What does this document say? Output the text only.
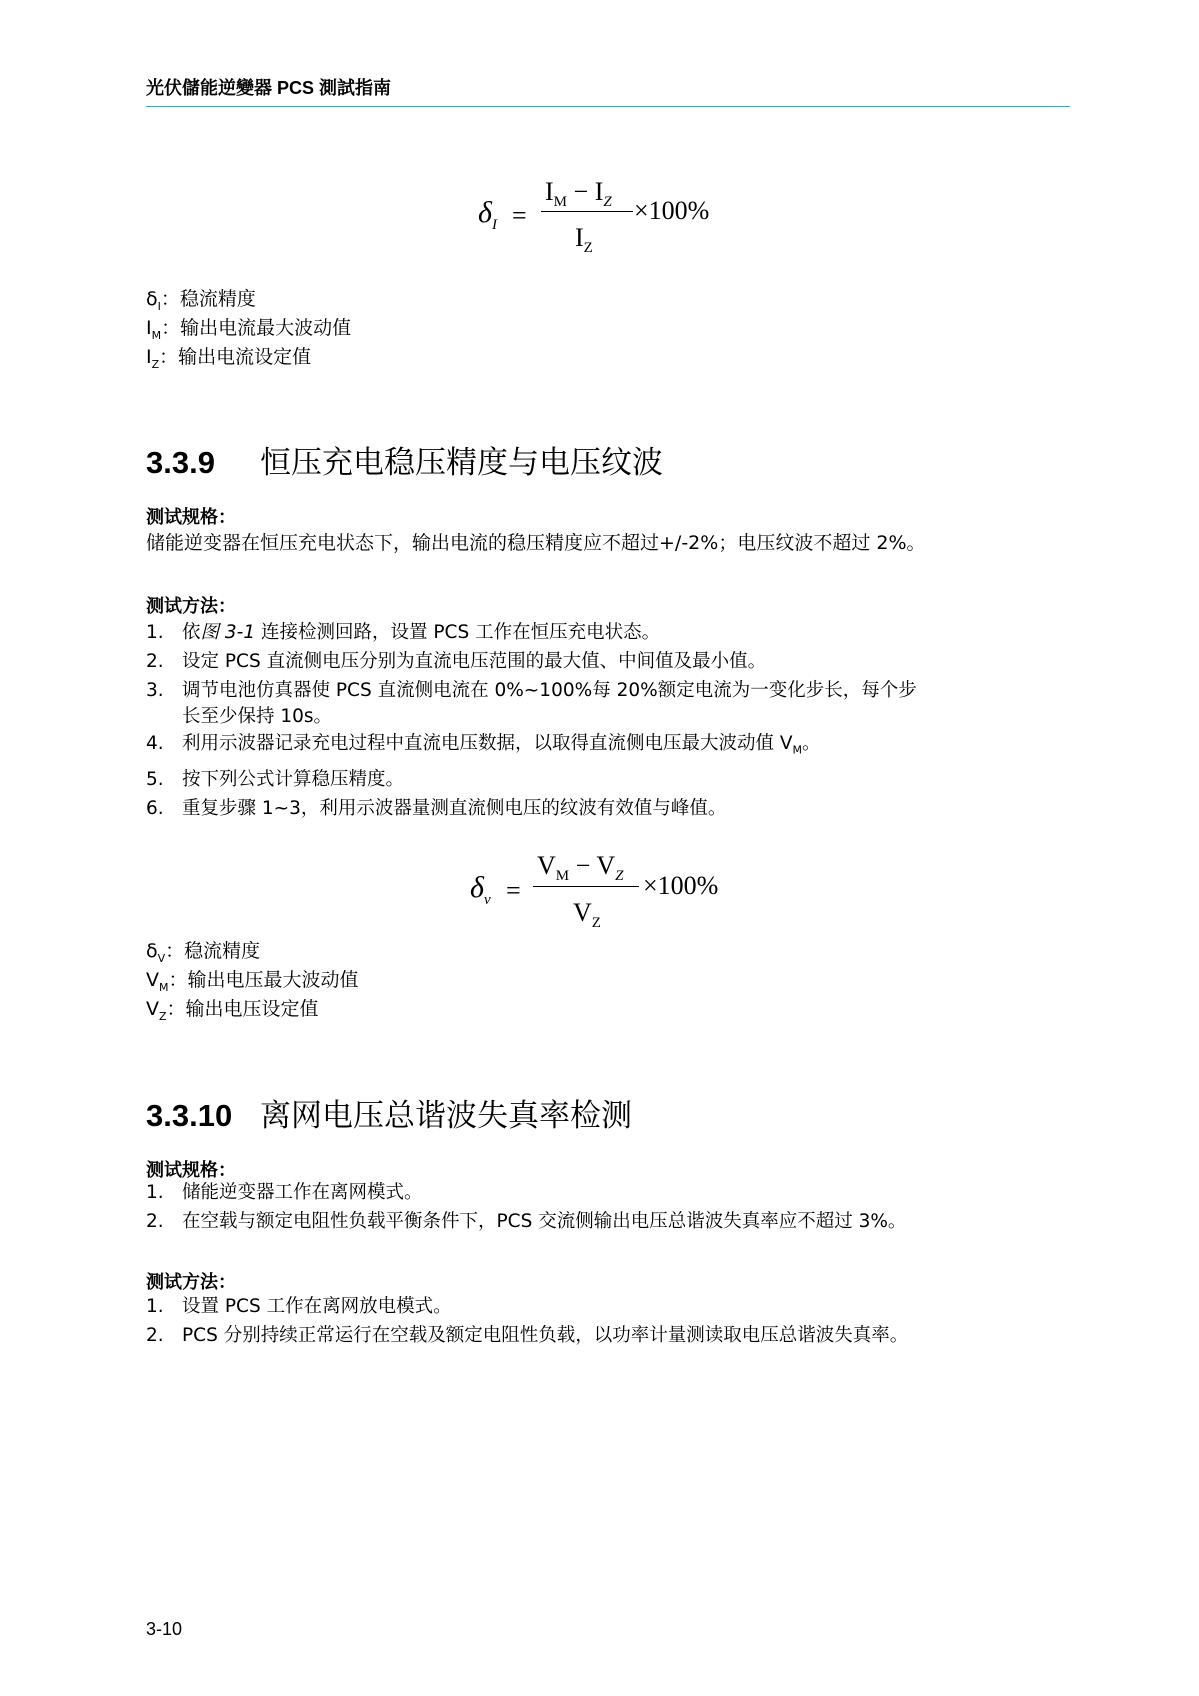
光伏儲能逆變器 PCS 測試指南
$\delta_I$ =
$I_M - I_Z$
$I_Z$
×100%
$\delta_I$：稳流精度
$I_M$：输出电流最大波动值
$I_Z$：输出电流设定值
3.3.9 恒压充电稳压精度与电压纹波
测试规格：
储能逆变器在恒压充电状态下，输出电流的稳压精度应不超过+/-2%；电压纹波不超过 2%。
测试方法：
1. 依图 3-1 连接检测回路，设置 PCS 工作在恒压充电状态。
2. 设定 PCS 直流侧电压分别为直流电压范围的最大值、中间值及最小值。
3. 调节电池仿真器使 PCS 直流侧电流在 0%~100%每 20%额定电流为一变化步长，每个步
长至少保持 10s。
4. 利用示波器记录充电过程中直流电压数据，以取得直流侧电压最大波动值 $V_M$。
5. 按下列公式计算稳压精度。
6. 重复步骤 1~3，利用示波器量测直流侧电压的纹波有效值与峰值。
$\delta_v$ =
$V_M - V_Z$
$V_Z$
×100%
$\delta_V$：稳流精度
$V_M$：输出电压最大波动值
$V_Z$：输出电压设定值
3.3.10 离网电压总谐波失真率检测
测试规格：
1. 储能逆变器工作在离网模式。
2. 在空载与额定电阻性负载平衡条件下，PCS 交流侧输出电压总谐波失真率应不超过 3%。
测试方法：
1. 设置 PCS 工作在离网放电模式。
2. PCS 分别持续正常运行在空载及额定电阻性负载，以功率计量测读取电压总谐波失真率。
3-10
